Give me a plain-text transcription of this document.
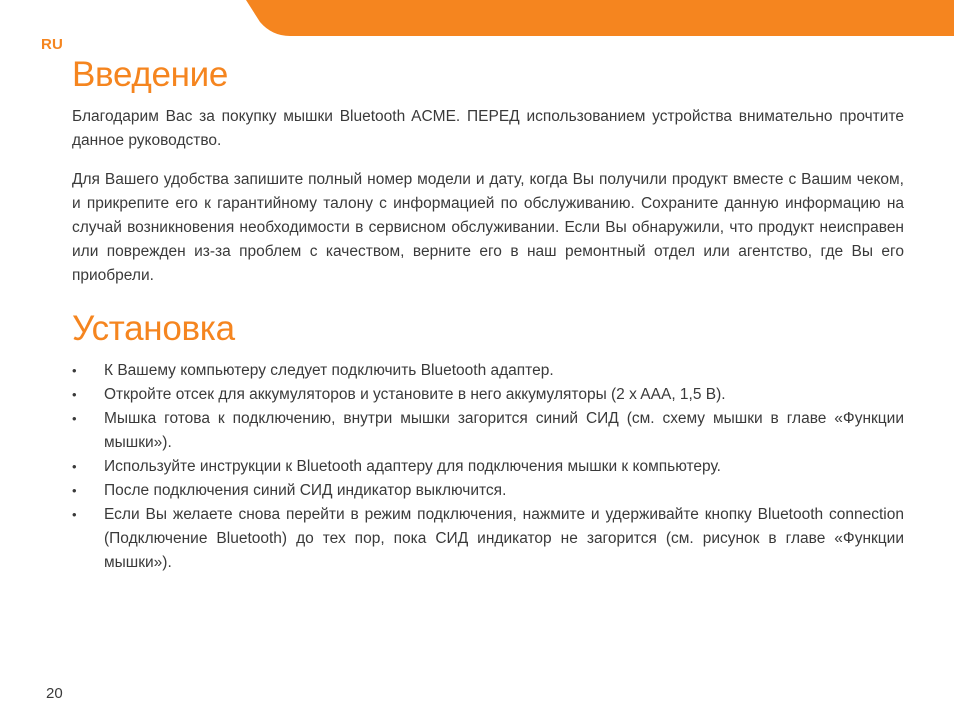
RU
Введение

Благодарим Вас за покупку мышки Bluetooth ACME. ПЕРЕД использованием устройства внимательно прочтите данное руководство.

Для Вашего удобства запишите полный номер модели и дату, когда Вы получили продукт вместе с Вашим чеком, и прикрепите его к гарантийному талону с информацией по обслуживанию. Сохраните данную информацию на случай возникновения необходимости в сервисном обслуживании. Если Вы обнаружили, что продукт неисправен или поврежден из-за проблем с качеством, верните его в наш ремонтный отдел или агентство, где Вы его приобрели.

Установка
•	К Вашему компьютеру следует подключить Bluetooth адаптер.
•	Откройте отсек для аккумуляторов и установите в него аккумуляторы (2 x AAA, 1,5 В).
•	Мышка готова к подключению, внутри мышки загорится синий СИД (см. схему мышки в главе «Функции мышки»).
•	Используйте инструкции к Bluetooth адаптеру для подключения мышки к компьютеру.
•	После подключения синий СИД индикатор выключится.
•	Если Вы желаете снова перейти в режим подключения, нажмите и удерживайте кнопку Bluetooth connection (Подключение Bluetooth) до тех пор, пока СИД индикатор не загорится (см. рисунок в главе «Функции мышки»).
20
